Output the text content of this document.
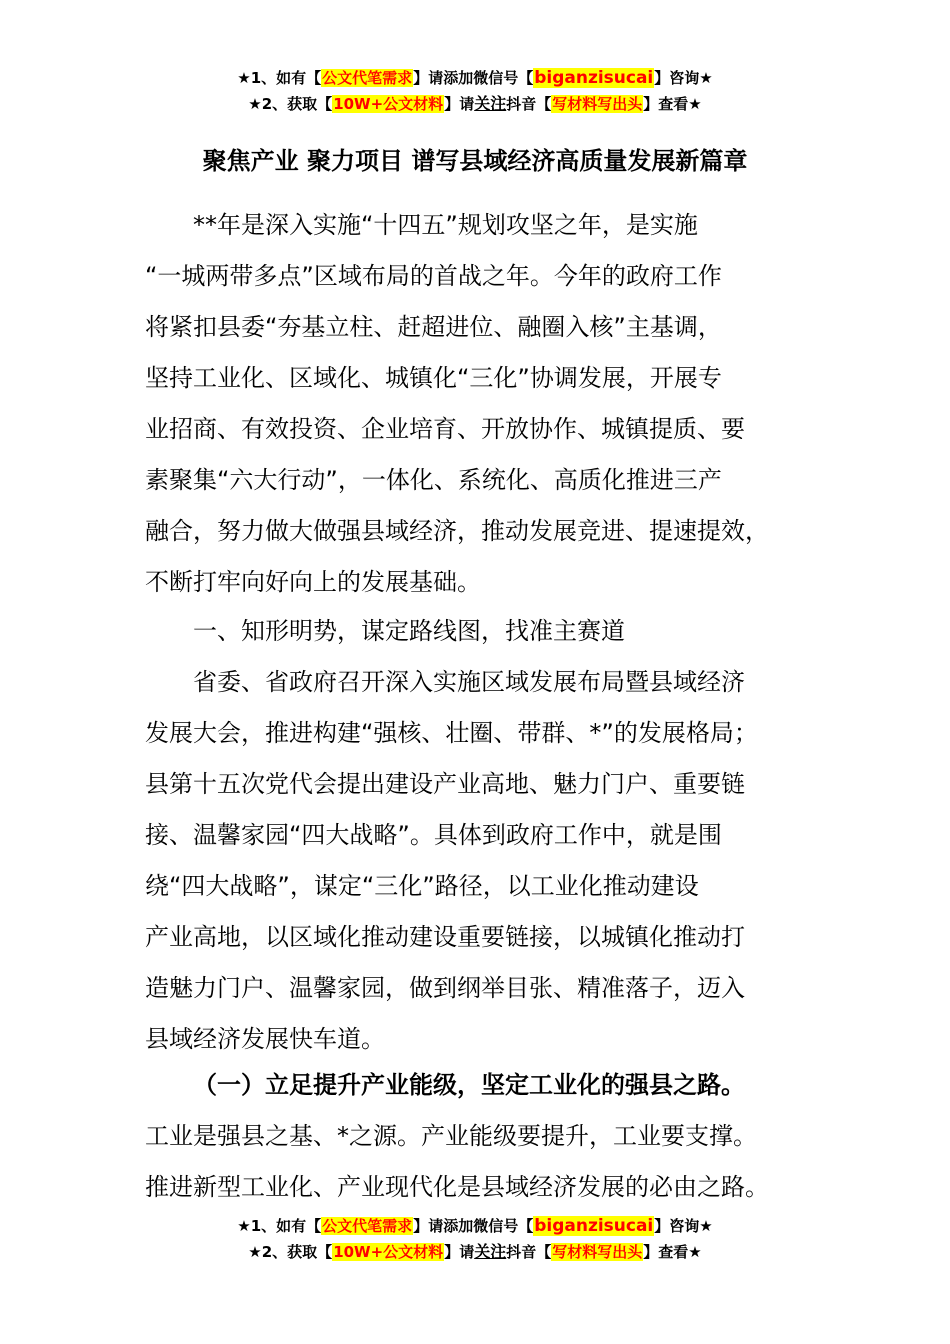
★1、如有【公文代笔需求】请添加微信号【biganzisucai】咨询★
★2、获取【10W+公文材料】请关注抖音【写材料写出头】查看★
聚焦产业 聚力项目 谱写县域经济高质量发展新篇章
**年是深入实施“十四五”规划攻坚之年，是实施
“一城两带多点”区域布局的首战之年。今年的政府工作
将紧扣县委“夯基立柱、赶超进位、融圈入核”主基调，
坚持工业化、区域化、城镇化“三化”协调发展，开展专
业招商、有效投资、企业培育、开放协作、城镇提质、要
素聚集“六大行动”，一体化、系统化、高质化推进三产
融合，努力做大做强县域经济，推动发展竞进、提速提效，
不断打牢向好向上的发展基础。
一、知形明势，谋定路线图，找准主赛道
省委、省政府召开深入实施区域发展布局暨县域经济
发展大会，推进构建“强核、壮圈、带群、*”的发展格局；
县第十五次党代会提出建设产业高地、魅力门户、重要链
接、温馨家园“四大战略”。具体到政府工作中，就是围
绕“四大战略”，谋定“三化”路径，以工业化推动建设
产业高地，以区域化推动建设重要链接，以城镇化推动打
造魅力门户、温馨家园，做到纲举目张、精准落子，迈入
县域经济发展快车道。
（一）立足提升产业能级，坚定工业化的强县之路。
工业是强县之基、*之源。产业能级要提升，工业要支撑。
推进新型工业化、产业现代化是县域经济发展的必由之路。
★1、如有【公文代笔需求】请添加微信号【biganzisucai】咨询★
★2、获取【10W+公文材料】请关注抖音【写材料写出头】查看★
